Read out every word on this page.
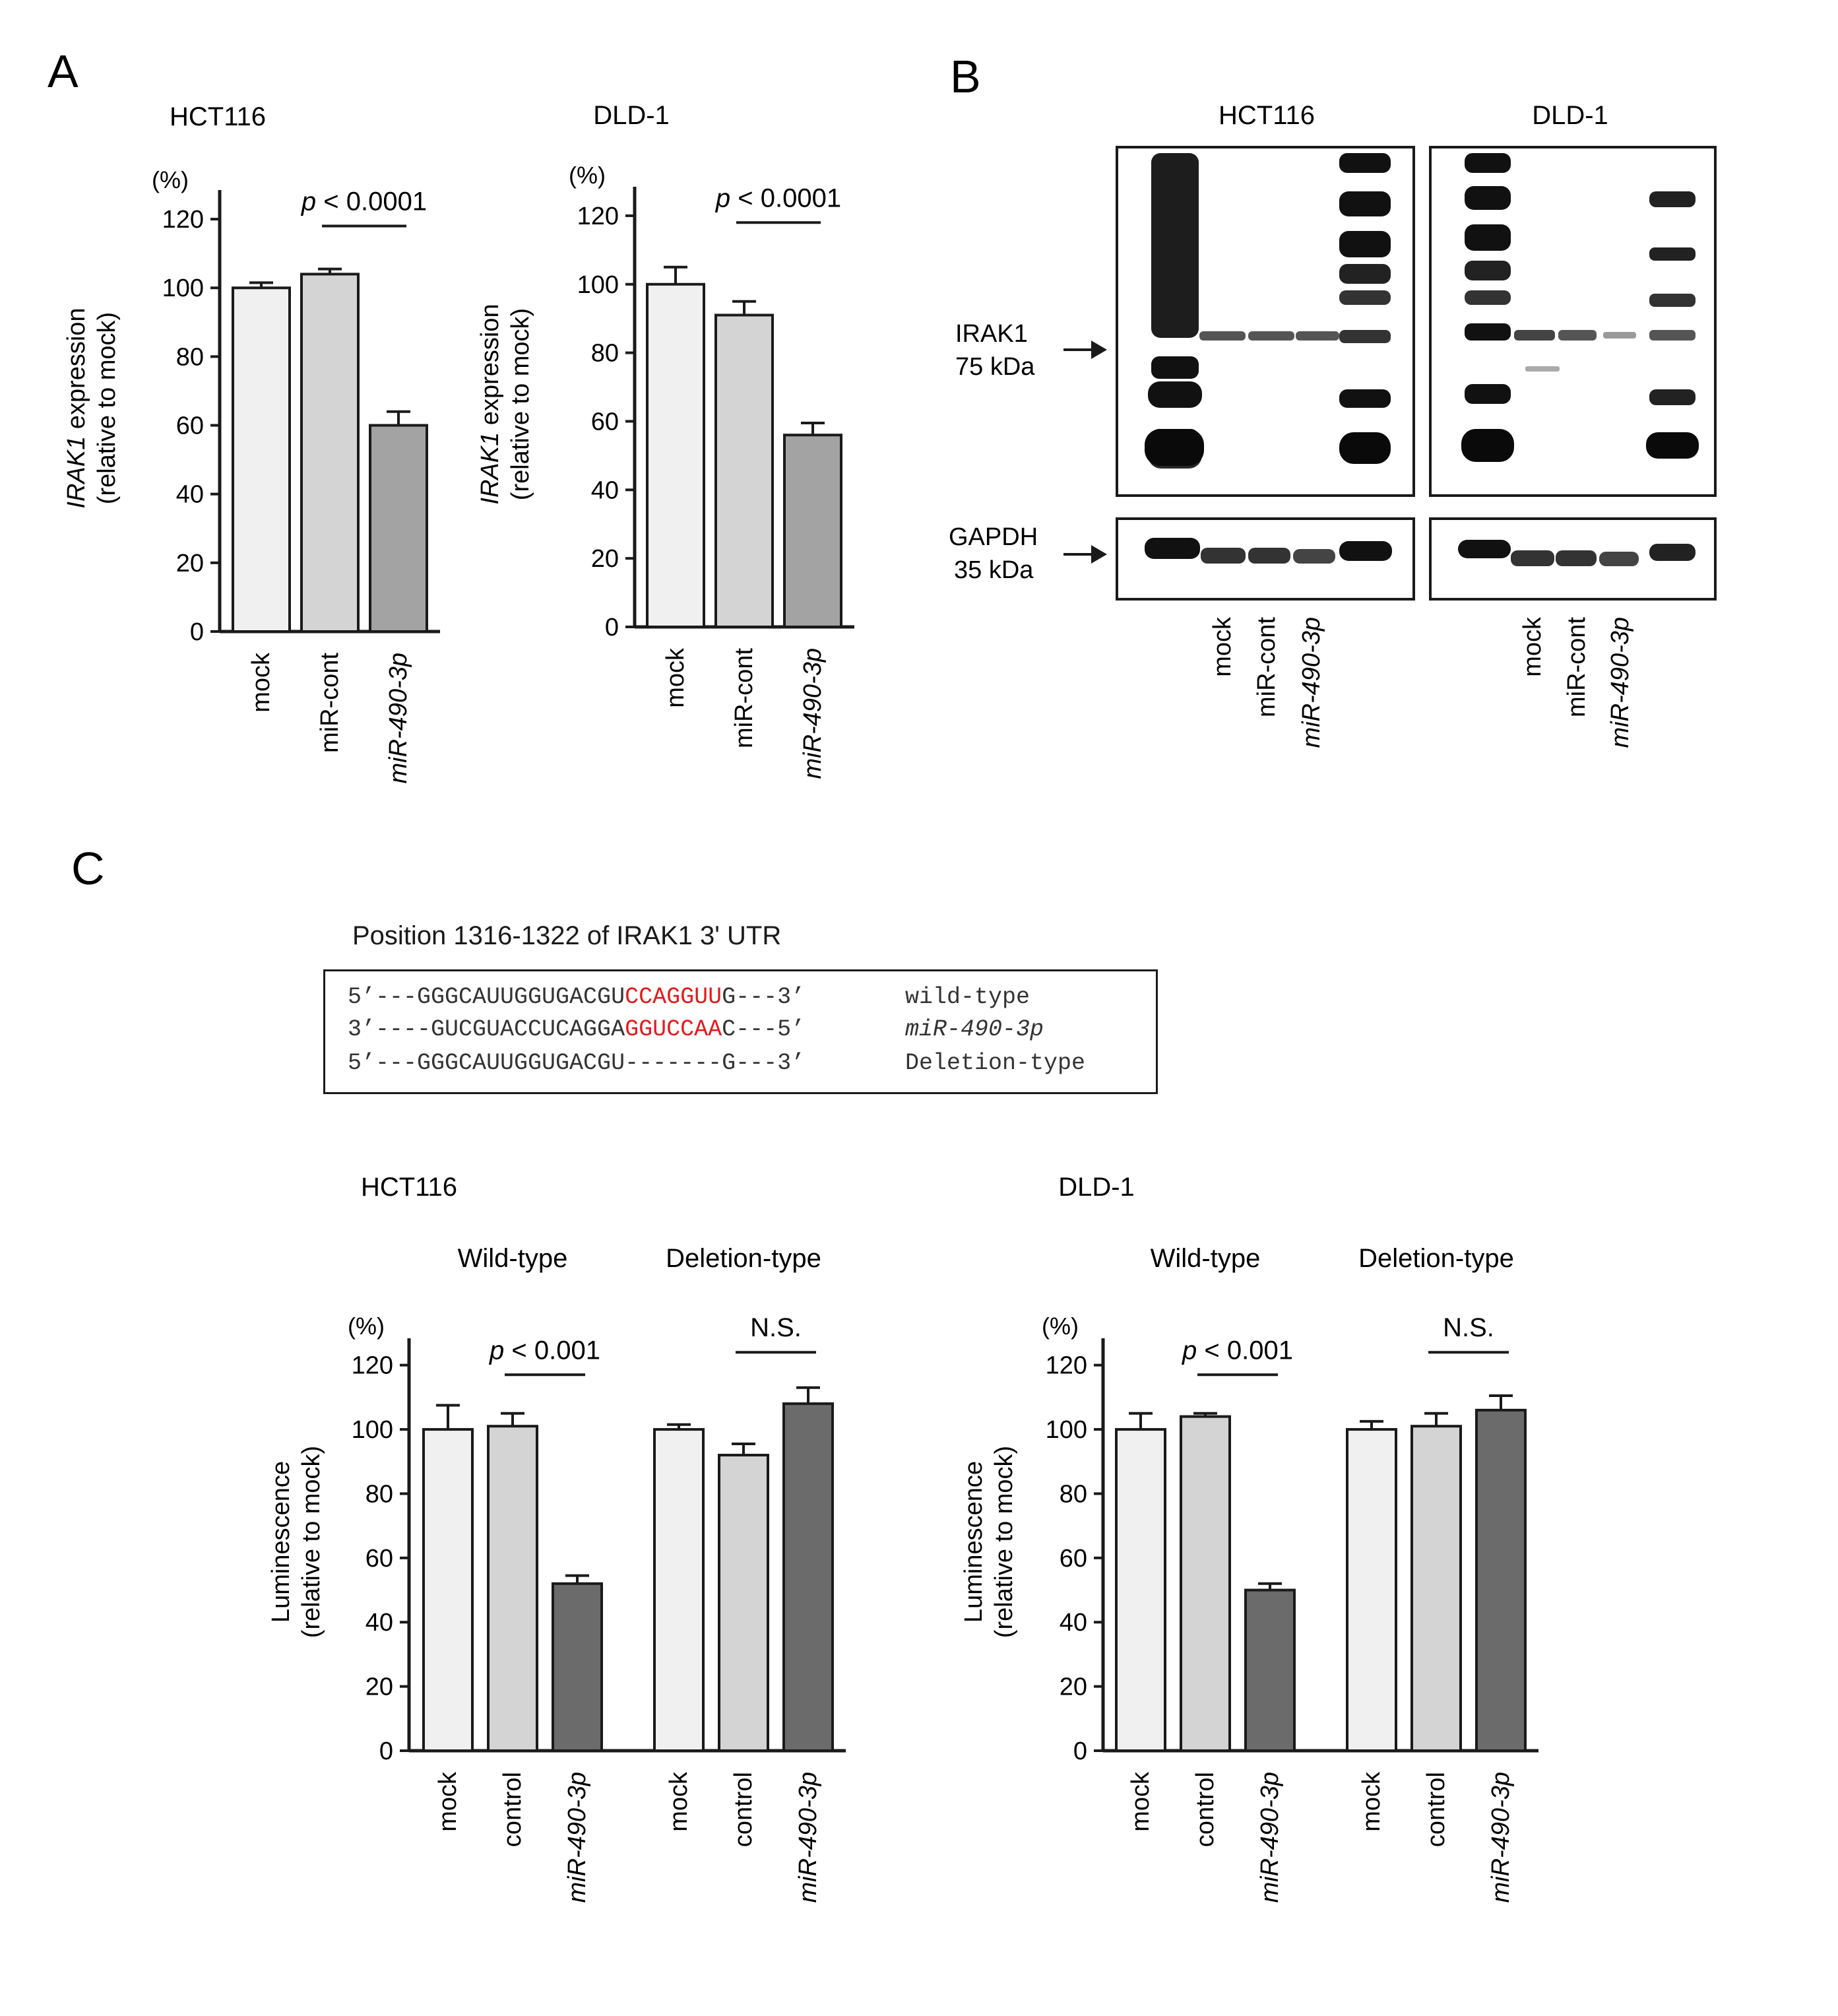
A	B
C
HCT116
(%)
0
20
40
60
80
100
120
IRAK1 expression (relative to mock)
mock miR-cont miR-490-3p
p < 0.0001
DLD-1
(%)
0
20
40
60
80
100
120
IRAK1 expression (relative to mock)
mock miR-cont miR-490-3p
p < 0.0001
HCT116
(%)
0
20
40
60
80
100
120
Luminescence (relative to mock)
Wild-type	Deletion-type
mock control miR-490-3p	mock control miR-490-3p
p < 0.001
N.S.
DLD-1
(%)
0
20
40
60
80
100
120
Luminescence (relative to mock)
Wild-type	Deletion-type
mock control miR-490-3p	mock control miR-490-3p
p < 0.001
N.S.
HCT116	DLD-1
IRAK1
75 kDa
GAPDH
35 kDa
mock miR-cont miR-490-3p	mock miR-cont miR-490-3p
Position 1316-1322 of IRAK1 3' UTR
5’---GGGCAUUGGUGACGUCCAGGUUG---3’	wild-type
3’----GUCGUACCUCAGGAGGUCCAAC---5’	miR-490-3p
5’---GGGCAUUGGUGACGU-------G---3’	Deletion-type
